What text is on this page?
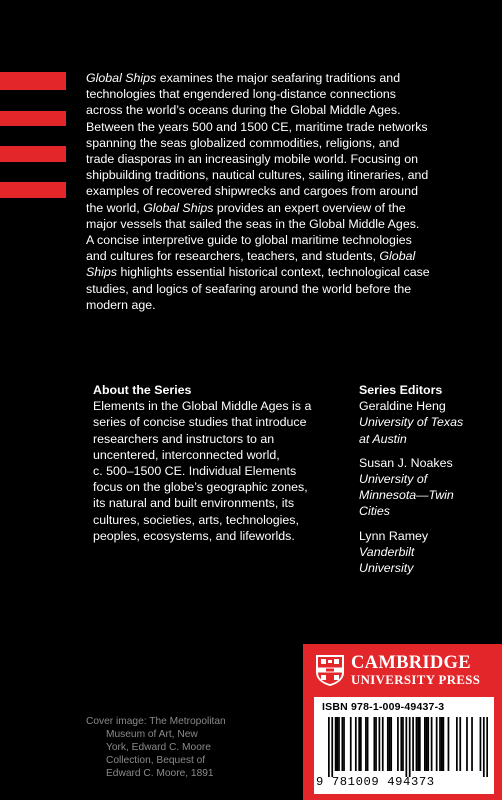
Global Ships examines the major seafaring traditions and
technologies that engendered long-distance connections
across the world’s oceans during the Global Middle Ages.
Between the years 500 and 1500 CE, maritime trade networks
spanning the seas globalized commodities, religions, and
trade diasporas in an increasingly mobile world. Focusing on
shipbuilding traditions, nautical cultures, sailing itineraries, and
examples of recovered shipwrecks and cargoes from around
the world, Global Ships provides an expert overview of the
major vessels that sailed the seas in the Global Middle Ages.
A concise interpretive guide to global maritime technologies
and cultures for researchers, teachers, and students, Global
Ships highlights essential historical context, technological case
studies, and logics of seafaring around the world before the
modern age.

About the Series

Elements in the Global Middle Ages is a
series of concise studies that introduce
researchers and instructors to an
uncentered, interconnected world,
c. 500–1500 CE. Individual Elements
focus on the globe’s geographic zones,
its natural and built environments, its
cultures, societies, arts, technologies,
peoples, ecosystems, and lifeworlds.

Series Editors

Geraldine Heng
University of Texas
at Austin
Susan J. Noakes
University of
Minnesota—Twin
Cities
Lynn Ramey
Vanderbilt
University
CAMBRIDGE
UNIVERSITY PRESS
ISBN 978-1-009-49437-3
9 781009 494373
Cover image: The Metropolitan
Museum of Art, New
York, Edward C. Moore
Collection, Bequest of
Edward C. Moore, 1891
